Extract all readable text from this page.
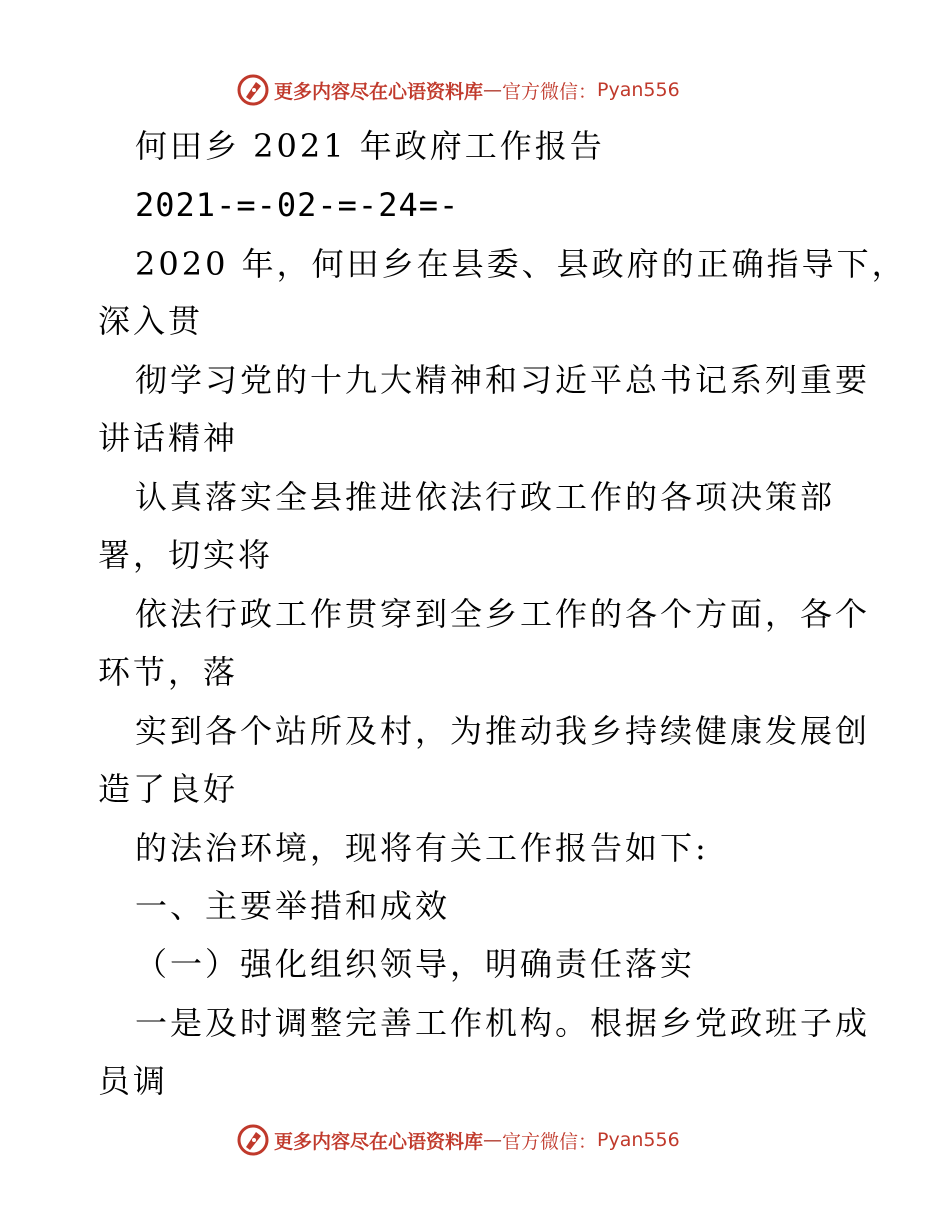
更多内容尽在心语资料库 — 官方微信： Pyan556
何田乡 2021 年政府工作报告
2021-=-02-=-24=-
2020 年，何田乡在县委、县政府的正确指导下，
深入贯
彻学习党的十九大精神和习近平总书记系列重要
讲话精神
认真落实全县推进依法行政工作的各项决策部
署，切实将
依法行政工作贯穿到全乡工作的各个方面，各个
环节，落
实到各个站所及村，为推动我乡持续健康发展创
造了良好
的法治环境，现将有关工作报告如下:
一、主要举措和成效
（一）强化组织领导，明确责任落实
一是及时调整完善工作机构。根据乡党政班子成
员调
更多内容尽在心语资料库 — 官方微信： Pyan556
